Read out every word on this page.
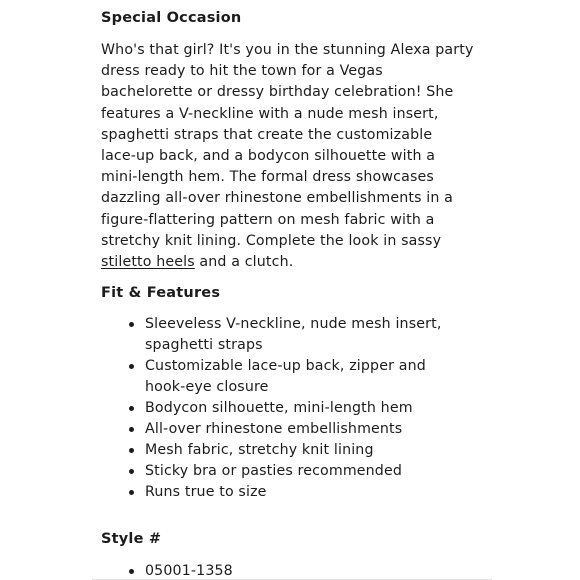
Special Occasion

Who's that girl? It's you in the stunning Alexa party
dress ready to hit the town for a Vegas
bachelorette or dressy birthday celebration! She
features a V-neckline with a nude mesh insert,
spaghetti straps that create the customizable
lace-up back, and a bodycon silhouette with a
mini-length hem. The formal dress showcases
dazzling all-over rhinestone embellishments in a
figure-flattering pattern on mesh fabric with a
stretchy knit lining. Complete the look in sassy
stiletto heels and a clutch.

Fit & Features
Sleeveless V-neckline, nude mesh insert,
spaghetti straps
Customizable lace-up back, zipper and
hook-eye closure
Bodycon silhouette, mini-length hem
All-over rhinestone embellishments
Mesh fabric, stretchy knit lining
Sticky bra or pasties recommended
Runs true to size
Style #
05001-1358
